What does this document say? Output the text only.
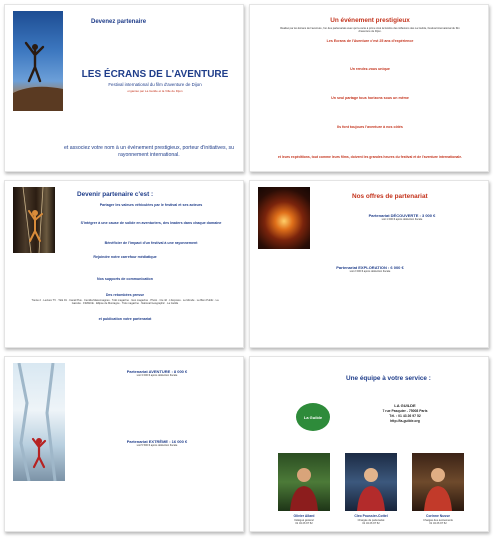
Devenez partenaire

LES ÉCRANS DE L'AVENTURE

Festival international du film d'aventure de Dijon

organisé par La Guilde et la Ville de Dijon

et associez votre nom à un événement prestigieux, porteur d'initiatives, su rayonnement international.

Un événement prestigieux

Réalisé par les Ecrans de l'aventure, l'un des partenariats avec qui la carte à prime créé la fenêtre des réflexions des La Guilde, Festival international du film d'aventure de Dijon.

Les Ecrans de l'Aventure c'est 25 ans d'expérience

Un rendez-vous unique

Un seul partage tous horizons sous un même

Ils font toujours l'aventure à nos côtés

et leurs expéditions, tout comme leurs films, doivent les grandes heures du festival et de l'aventure internationale.

Devenir partenaire c'est :

Partager les valeurs véhiculées par le festival et ses acteurs

S'intégrer à une cause de solide en aventuriers, des leaders dans chaque domaine

Bénéficier de l'impact d'un festival à une rayonnement

Rejoindre notre carrefour médiatique

Nos supports de communication

Des retombées presse

Trente 2 · Lecture TV · Télé 91 · Canal Plus · Cemilia Masonnagnes · Télé magazine · Géo magazine · Photo · Cie 42 · L'Express · Le Monde · Le Bien Public · La Gazette · FRANCE · Ellipse de Montagne · Trek magazine · National Geographic · La Guilde

et publication votre partenariat

Nos offres de partenariat

Partenariat DÉCOUVERTE : 3 000 €

soit 1 000 € après déduction fiscale

Partenariat EXPLORATION : 6 000 €

soit 2 000 € après déduction fiscale

Partenariat AVENTURE : 8 000 €

soit 3 000 € après déduction fiscale

Partenariat EXTRÊME : 16 000 €

soit 5 500 € après déduction fiscale

Une équipe à votre service :

La Guilde

LA GUILDE

7 rue Pasquier - 75008 Paris

Tél. : 01 43 26 97 52

http://la-guilde.org

Olivier Allard

Délégué général

01 43 26 97 52

Cleo Poussier-Cottel

Chargée de partenariat

01 43 26 97 52

Corinne Nusse

Chargée des événements

01 43 26 97 52
